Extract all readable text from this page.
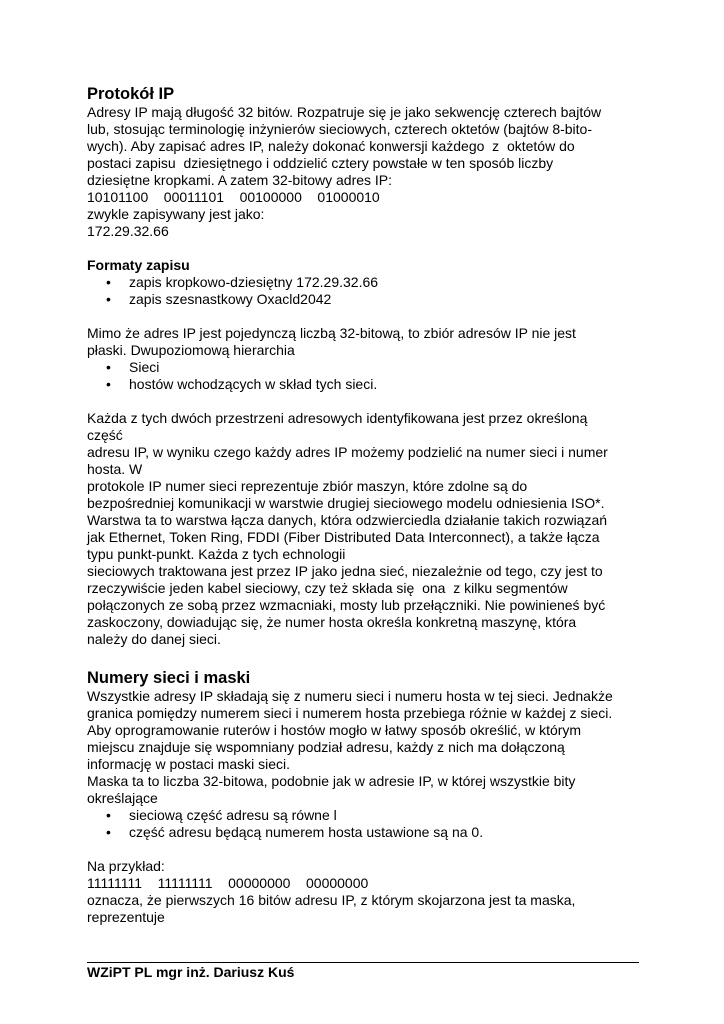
Protokół IP

Adresy IP mają długość 32 bitów. Rozpatruje się je jako sekwencję czterech bajtów

lub, stosując terminologię inżynierów sieciowych, czterech oktetów (bajtów 8-bito-

wych). Aby zapisać adres IP, należy dokonać konwersji każdego  z  oktetów do

postaci zapisu  dziesiętnego i oddzielić cztery powstałe w ten sposób liczby

dziesiętne kropkami. A zatem 32-bitowy adres IP:

10101100    00011101    00100000    01000010

zwykle zapisywany jest jako:

172.29.32.66

Formaty zapisu
• zapis kropkowo-dziesiętny 172.29.32.66
• zapis szesnastkowy Oxacld2042

Mimo że adres IP jest pojedynczą liczbą 32-bitową, to zbiór adresów IP nie jest

płaski. Dwupoziomową hierarchia

• Sieci
• hostów wchodzących w skład tych sieci.

Każda z tych dwóch przestrzeni adresowych identyfikowana jest przez określoną

część

adresu IP, w wyniku czego każdy adres IP możemy podzielić na numer sieci i numer

hosta. W

protokole IP numer sieci reprezentuje zbiór maszyn, które zdolne są do

bezpośredniej komunikacji w warstwie drugiej sieciowego modelu odniesienia ISO*.

Warstwa ta to warstwa łącza danych, która odzwierciedla działanie takich rozwiązań

jak Ethernet, Token Ring, FDDI (Fiber Distributed Data Interconnect), a także łącza

typu punkt-punkt. Każda z tych echnologii

sieciowych traktowana jest przez IP jako jedna sieć, niezależnie od tego, czy jest to

rzeczywiście jeden kabel sieciowy, czy też składa się  ona  z kilku segmentów

połączonych ze sobą przez wzmacniaki, mosty lub przełączniki. Nie powinieneś być

zaskoczony, dowiadując się, że numer hosta określa konkretną maszynę, która

należy do danej sieci.

Numery sieci i maski

Wszystkie adresy IP składają się z numeru sieci i numeru hosta w tej sieci. Jednakże

granica pomiędzy numerem sieci i numerem hosta przebiega różnie w każdej z sieci.

Aby oprogramowanie ruterów i hostów mogło w łatwy sposób określić, w którym

miejscu znajduje się wspomniany podział adresu, każdy z nich ma dołączoną

informację w postaci maski sieci.

Maska ta to liczba 32-bitowa, podobnie jak w adresie IP, w której wszystkie bity

określające

• sieciową część adresu są równe l
• część adresu będącą numerem hosta ustawione są na 0.

Na przykład:

11111111    11111111    00000000    00000000

oznacza, że pierwszych 16 bitów adresu IP, z którym skojarzona jest ta maska,

reprezentuje

WZiPT PL mgr inż. Dariusz Kuś
